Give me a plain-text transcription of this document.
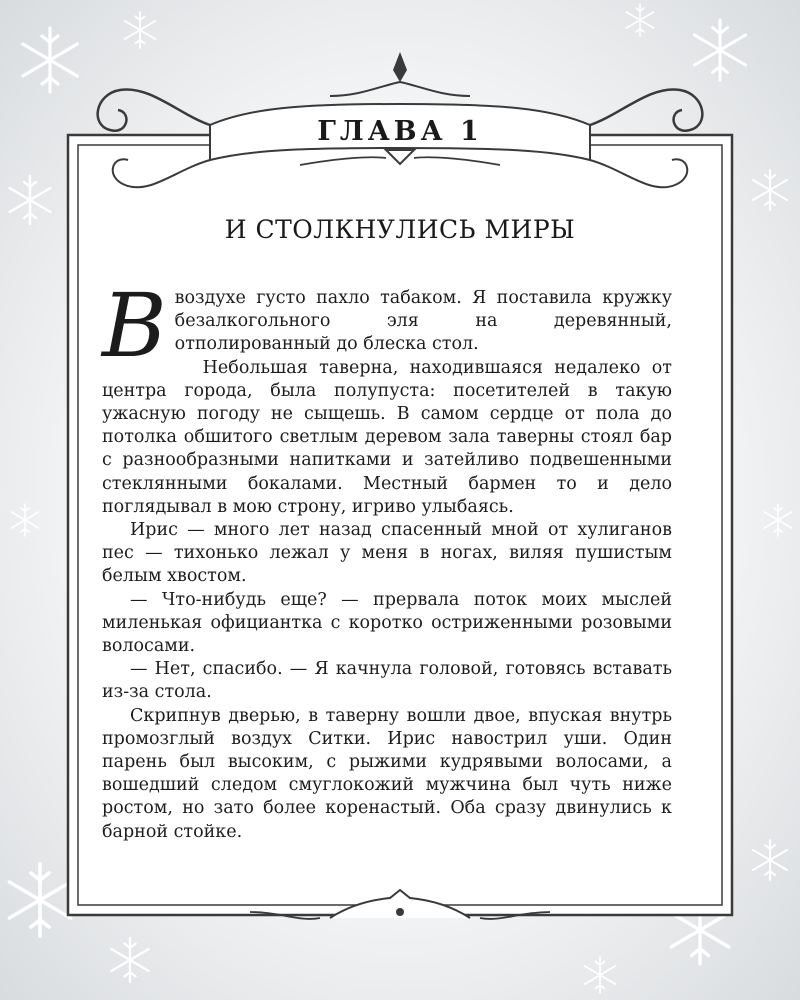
ГЛАВА 1
И СТОЛКНУЛИСЬ МИРЫ

В воздухе густо пахло табаком. Я поставила кружку безалкогольного эля на деревянный, отполированный до блеска стол.

Небольшая таверна, находившаяся недалеко от центра города, была полупуста: посетителей в такую ужасную погоду не сыщешь. В самом сердце от пола до потолка обшитого светлым деревом зала таверны стоял бар с разнообразными напитками и затейливо подвешенными стеклянными бокалами. Местный бармен то и дело поглядывал в мою строну, игриво улыбаясь.

Ирис — много лет назад спасенный мной от хулиганов пес — тихонько лежал у меня в ногах, виляя пушистым белым хвостом.

— Что-нибудь еще? — прервала поток моих мыслей миленькая официантка с коротко остриженными розовыми волосами.

— Нет, спасибо. — Я качнула головой, готовясь вставать из-за стола.

Скрипнув дверью, в таверну вошли двое, впуская внутрь промозглый воздух Ситки. Ирис навострил уши. Один парень был высоким, с рыжими кудрявыми волосами, а вошедший следом смуглокожий мужчина был чуть ниже ростом, но зато более коренастый. Оба сразу двинулись к барной стойке.
